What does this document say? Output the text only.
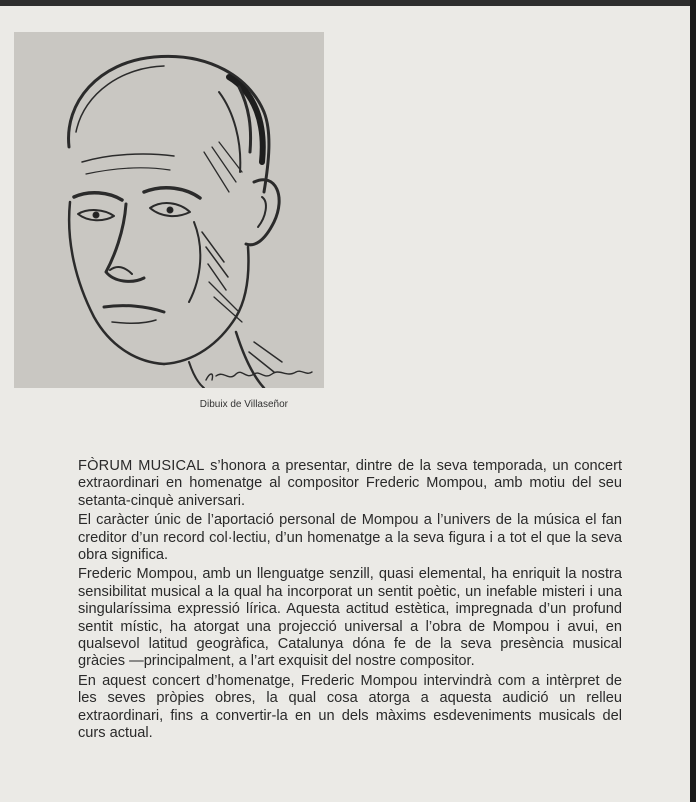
Dibuix de Villaseñor

FÒRUM MUSICAL s’honora a presentar, dintre de la seva temporada, un concert extraordinari en homenatge al compositor Frederic Mompou, amb motiu del seu setanta-cinquè aniversari.

El caràcter únic de l’aportació personal de Mompou a l’univers de la música el fan creditor d’un record col·lectiu, d’un homenatge a la seva figura i a tot el que la seva obra significa.

Frederic Mompou, amb un llenguatge senzill, quasi elemental, ha enriquit la nostra sensibilitat musical a la qual ha incorporat un sentit poètic, un inefable misteri i una singularíssima expressió lírica. Aquesta actitud estètica, impregnada d’un profund sentit místic, ha atorgat una projecció universal a l’obra de Mompou i avui, en qualsevol latitud geogràfica, Catalunya dóna fe de la seva presència musical gràcies —principalment, a l’art exquisit del nostre compositor.

En aquest concert d’homenatge, Frederic Mompou intervindrà com a intèrpret de les seves pròpies obres, la qual cosa atorga a aquesta audició un relleu extraordinari, fins a convertir-la en un dels màxims esdeveniments musicals del curs actual.
